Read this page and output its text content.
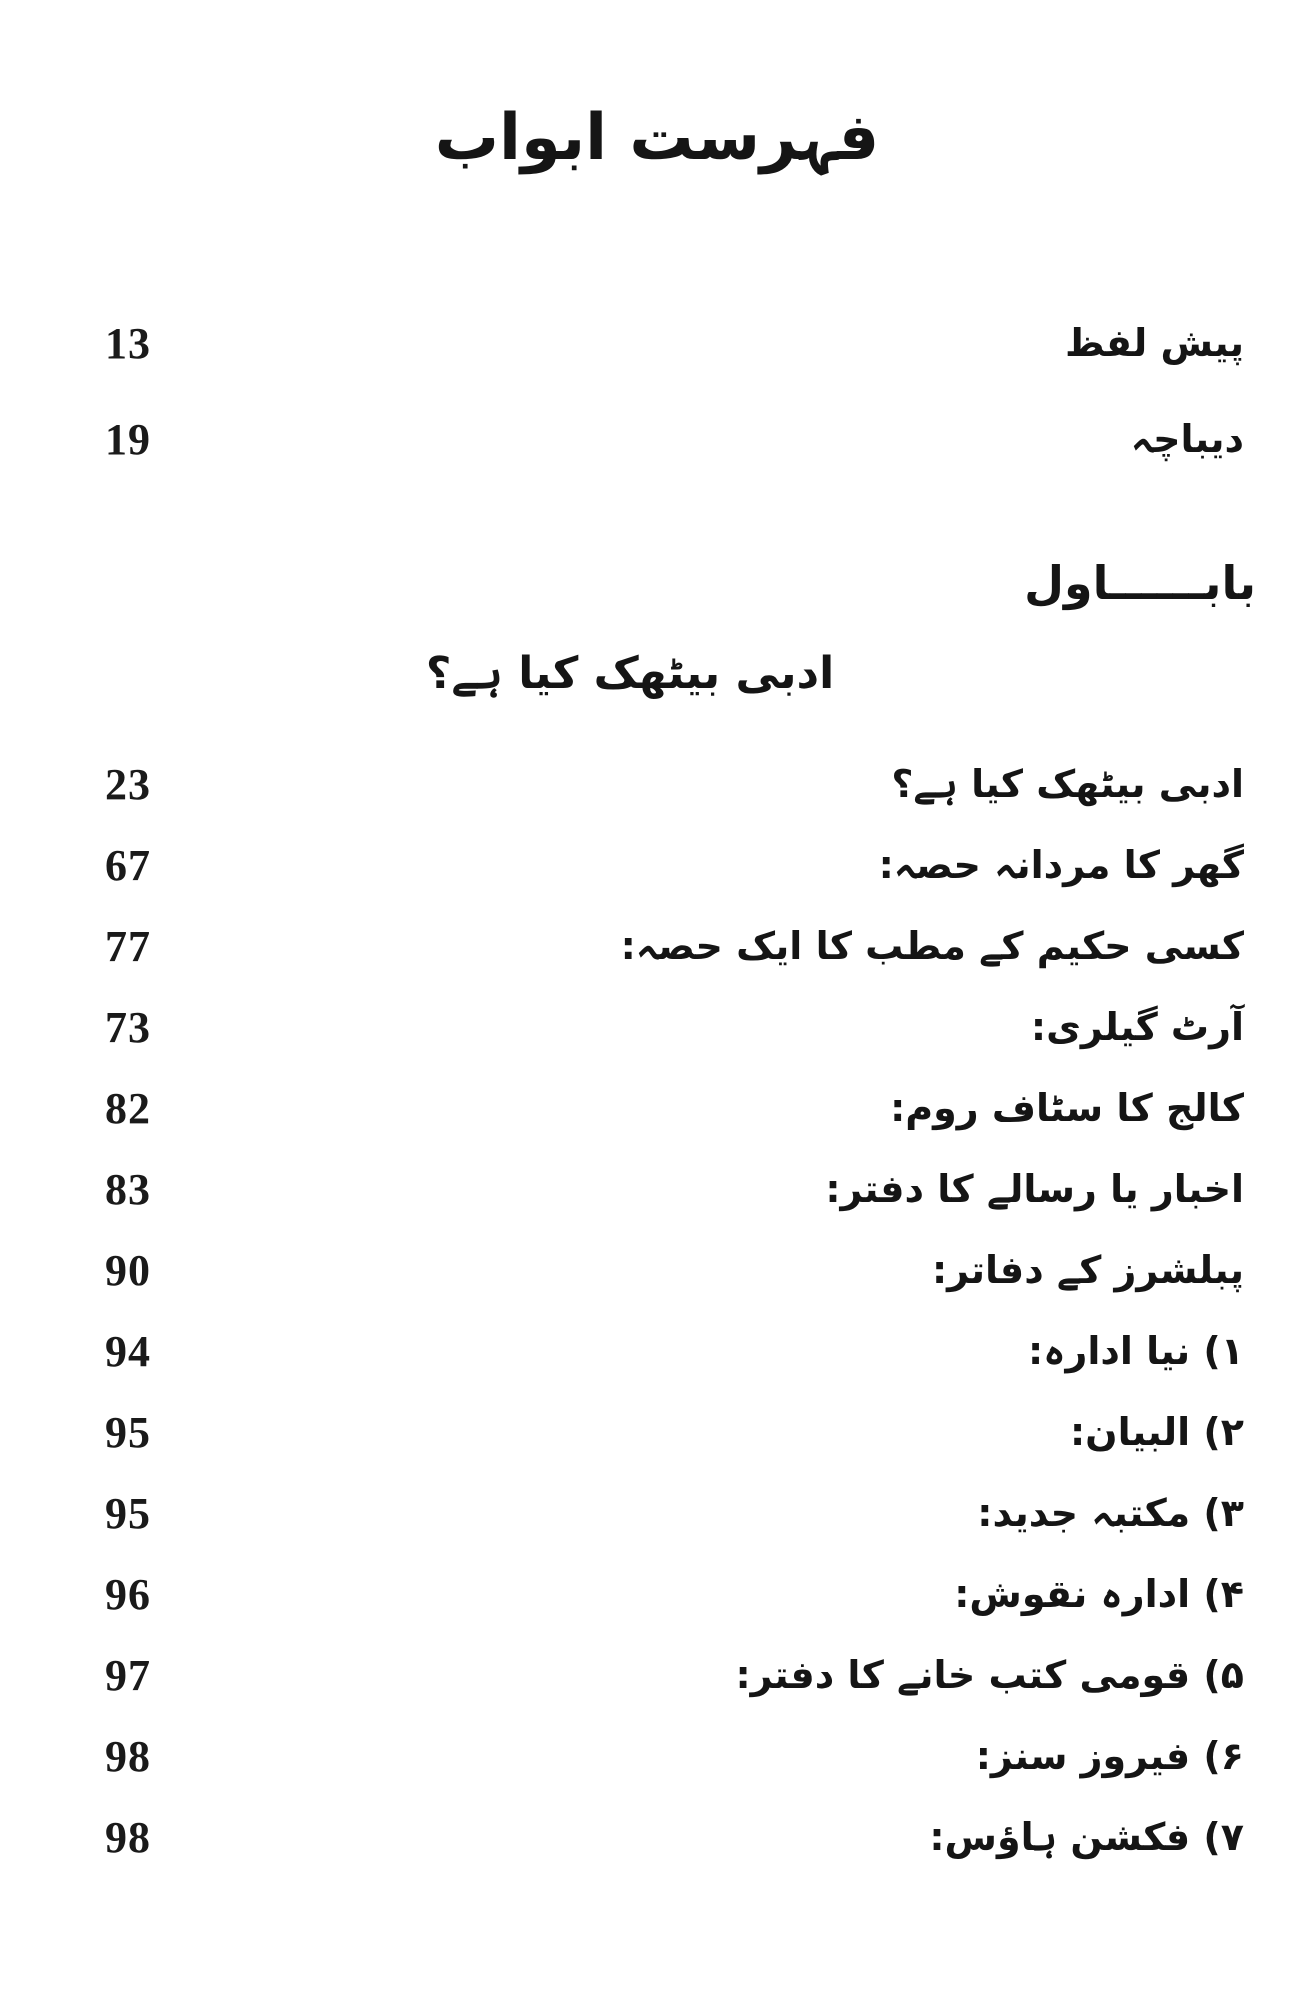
فہرست ابواب
13	پیش لفظ
19	دیباچہ
بابــــــاول
ادبی بیٹھک کیا ہے؟
23	ادبی بیٹھک کیا ہے؟
67	گھر کا مردانہ حصہ:
77	کسی حکیم کے مطب کا ایک حصہ:
73	آرٹ گیلری:
82	کالج کا سٹاف روم:
83	اخبار یا رسالے کا دفتر:
90	پبلشرز کے دفاتر:
94	۱) نیا ادارہ:
95	۲) البیان:
95	۳) مکتبہ جدید:
96	۴) ادارہ نقوش:
97	۵) قومی کتب خانے کا دفتر:
98	۶) فیروز سنز:
98	۷) فکشن ہاؤس:
